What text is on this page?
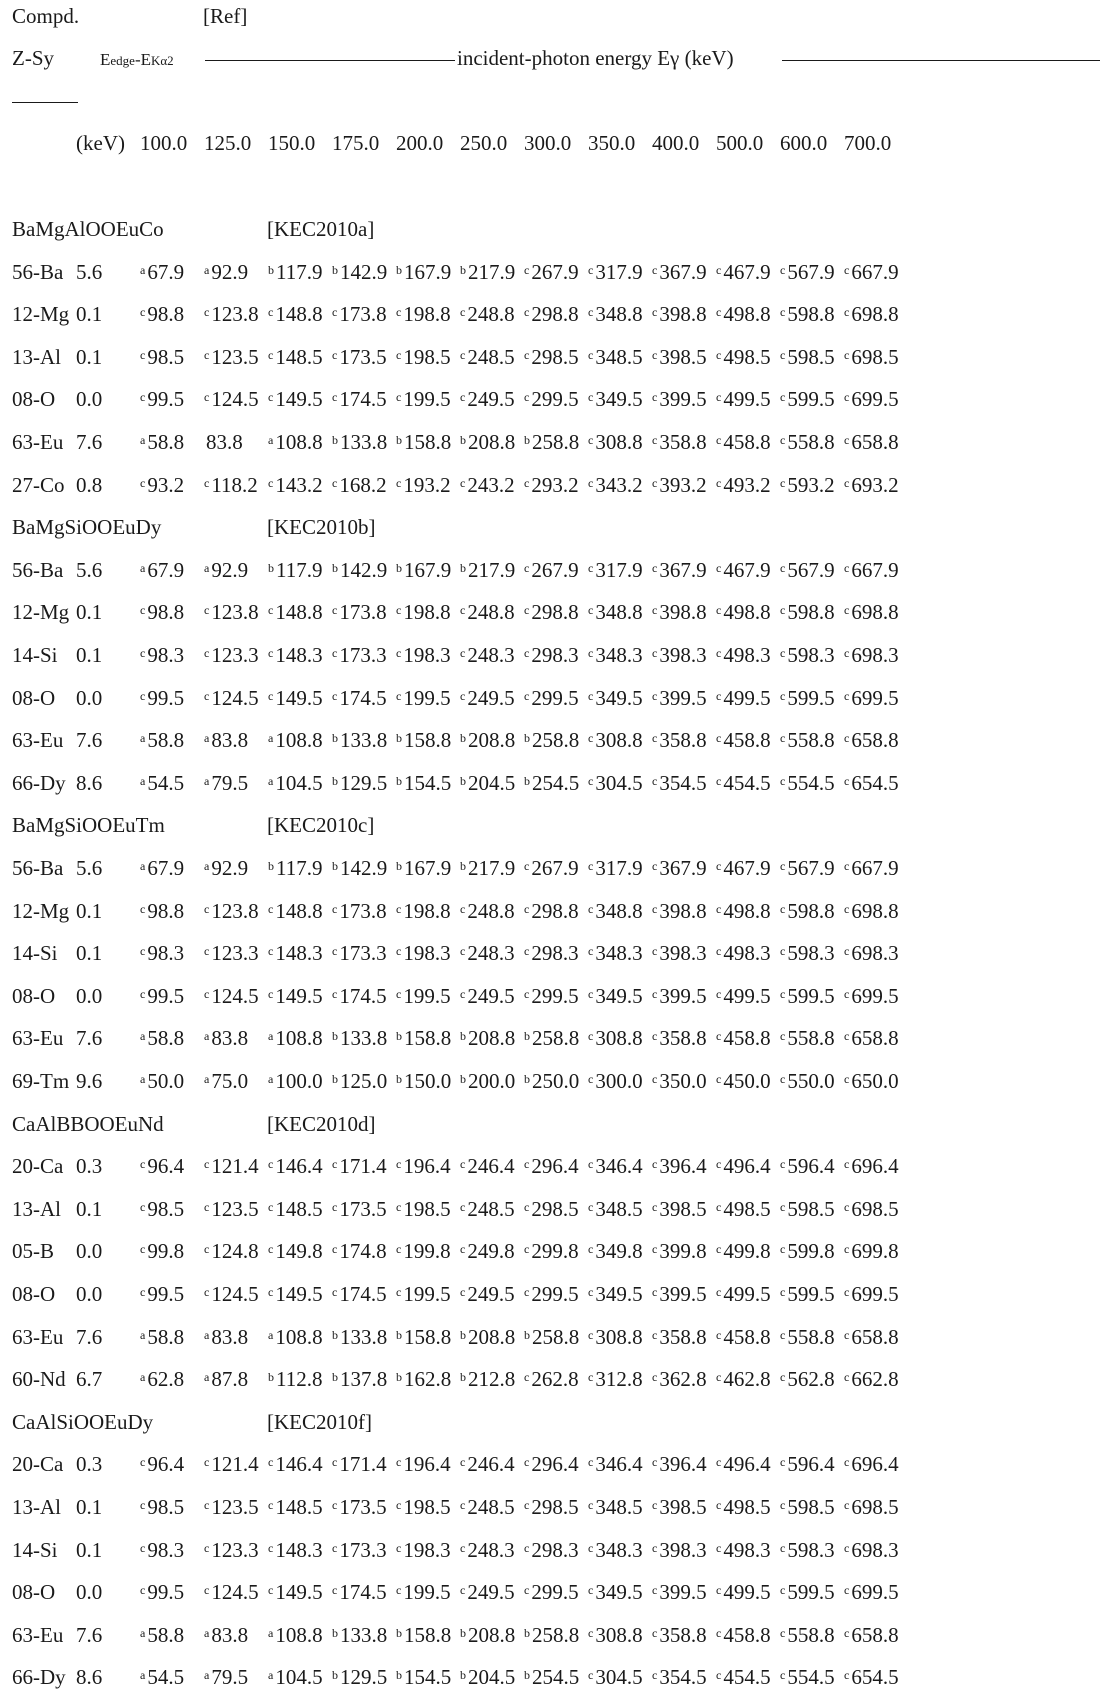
Compd.	[Ref]
Z-Sy	Eedge-EKα2	incident-photon energy Eγ (keV)
(keV) 100.0 125.0 150.0 175.0 200.0 250.0 300.0 350.0 400.0 500.0 600.0 700.0
BaMgAlOOEuCo	[KEC2010a]
56-Ba 5.6	$^a$67.9 $^a$92.9 $^b$117.9 $^b$142.9 $^b$167.9 $^b$217.9 $^c$267.9 $^c$317.9 $^c$367.9 $^c$467.9 $^c$567.9 $^c$667.9
12-Mg 0.1	$^c$98.8 $^c$123.8 $^c$148.8 $^c$173.8 $^c$198.8 $^c$248.8 $^c$298.8 $^c$348.8 $^c$398.8 $^c$498.8 $^c$598.8 $^c$698.8
13-Al 0.1	$^c$98.5 $^c$123.5 $^c$148.5 $^c$173.5 $^c$198.5 $^c$248.5 $^c$298.5 $^c$348.5 $^c$398.5 $^c$498.5 $^c$598.5 $^c$698.5
08-O 0.0	$^c$99.5 $^c$124.5 $^c$149.5 $^c$174.5 $^c$199.5 $^c$249.5 $^c$299.5 $^c$349.5 $^c$399.5 $^c$499.5 $^c$599.5 $^c$699.5
63-Eu 7.6	$^a$58.8 83.8 $^a$108.8 $^b$133.8 $^b$158.8 $^b$208.8 $^b$258.8 $^c$308.8 $^c$358.8 $^c$458.8 $^c$558.8 $^c$658.8
27-Co 0.8	$^c$93.2 $^c$118.2 $^c$143.2 $^c$168.2 $^c$193.2 $^c$243.2 $^c$293.2 $^c$343.2 $^c$393.2 $^c$493.2 $^c$593.2 $^c$693.2
BaMgSiOOEuDy	[KEC2010b]
56-Ba 5.6	$^a$67.9 $^a$92.9 $^b$117.9 $^b$142.9 $^b$167.9 $^b$217.9 $^c$267.9 $^c$317.9 $^c$367.9 $^c$467.9 $^c$567.9 $^c$667.9
12-Mg 0.1	$^c$98.8 $^c$123.8 $^c$148.8 $^c$173.8 $^c$198.8 $^c$248.8 $^c$298.8 $^c$348.8 $^c$398.8 $^c$498.8 $^c$598.8 $^c$698.8
14-Si 0.1	$^c$98.3 $^c$123.3 $^c$148.3 $^c$173.3 $^c$198.3 $^c$248.3 $^c$298.3 $^c$348.3 $^c$398.3 $^c$498.3 $^c$598.3 $^c$698.3
08-O 0.0	$^c$99.5 $^c$124.5 $^c$149.5 $^c$174.5 $^c$199.5 $^c$249.5 $^c$299.5 $^c$349.5 $^c$399.5 $^c$499.5 $^c$599.5 $^c$699.5
63-Eu 7.6	$^a$58.8 $^a$83.8 $^a$108.8 $^b$133.8 $^b$158.8 $^b$208.8 $^b$258.8 $^c$308.8 $^c$358.8 $^c$458.8 $^c$558.8 $^c$658.8
66-Dy 8.6	$^a$54.5 $^a$79.5 $^a$104.5 $^b$129.5 $^b$154.5 $^b$204.5 $^b$254.5 $^c$304.5 $^c$354.5 $^c$454.5 $^c$554.5 $^c$654.5
BaMgSiOOEuTm	[KEC2010c]
56-Ba 5.6	$^a$67.9 $^a$92.9 $^b$117.9 $^b$142.9 $^b$167.9 $^b$217.9 $^c$267.9 $^c$317.9 $^c$367.9 $^c$467.9 $^c$567.9 $^c$667.9
12-Mg 0.1	$^c$98.8 $^c$123.8 $^c$148.8 $^c$173.8 $^c$198.8 $^c$248.8 $^c$298.8 $^c$348.8 $^c$398.8 $^c$498.8 $^c$598.8 $^c$698.8
14-Si 0.1	$^c$98.3 $^c$123.3 $^c$148.3 $^c$173.3 $^c$198.3 $^c$248.3 $^c$298.3 $^c$348.3 $^c$398.3 $^c$498.3 $^c$598.3 $^c$698.3
08-O 0.0	$^c$99.5 $^c$124.5 $^c$149.5 $^c$174.5 $^c$199.5 $^c$249.5 $^c$299.5 $^c$349.5 $^c$399.5 $^c$499.5 $^c$599.5 $^c$699.5
63-Eu 7.6	$^a$58.8 $^a$83.8 $^a$108.8 $^b$133.8 $^b$158.8 $^b$208.8 $^b$258.8 $^c$308.8 $^c$358.8 $^c$458.8 $^c$558.8 $^c$658.8
69-Tm 9.6	$^a$50.0 $^a$75.0 $^a$100.0 $^b$125.0 $^b$150.0 $^b$200.0 $^b$250.0 $^c$300.0 $^c$350.0 $^c$450.0 $^c$550.0 $^c$650.0
CaAlBBOOEuNd	[KEC2010d]
20-Ca 0.3	$^c$96.4 $^c$121.4 $^c$146.4 $^c$171.4 $^c$196.4 $^c$246.4 $^c$296.4 $^c$346.4 $^c$396.4 $^c$496.4 $^c$596.4 $^c$696.4
13-Al 0.1	$^c$98.5 $^c$123.5 $^c$148.5 $^c$173.5 $^c$198.5 $^c$248.5 $^c$298.5 $^c$348.5 $^c$398.5 $^c$498.5 $^c$598.5 $^c$698.5
05-B 0.0	$^c$99.8 $^c$124.8 $^c$149.8 $^c$174.8 $^c$199.8 $^c$249.8 $^c$299.8 $^c$349.8 $^c$399.8 $^c$499.8 $^c$599.8 $^c$699.8
08-O 0.0	$^c$99.5 $^c$124.5 $^c$149.5 $^c$174.5 $^c$199.5 $^c$249.5 $^c$299.5 $^c$349.5 $^c$399.5 $^c$499.5 $^c$599.5 $^c$699.5
63-Eu 7.6	$^a$58.8 $^a$83.8 $^a$108.8 $^b$133.8 $^b$158.8 $^b$208.8 $^b$258.8 $^c$308.8 $^c$358.8 $^c$458.8 $^c$558.8 $^c$658.8
60-Nd 6.7	$^a$62.8 $^a$87.8 $^b$112.8 $^b$137.8 $^b$162.8 $^b$212.8 $^c$262.8 $^c$312.8 $^c$362.8 $^c$462.8 $^c$562.8 $^c$662.8
CaAlSiOOEuDy	[KEC2010f]
20-Ca 0.3	$^c$96.4 $^c$121.4 $^c$146.4 $^c$171.4 $^c$196.4 $^c$246.4 $^c$296.4 $^c$346.4 $^c$396.4 $^c$496.4 $^c$596.4 $^c$696.4
13-Al 0.1	$^c$98.5 $^c$123.5 $^c$148.5 $^c$173.5 $^c$198.5 $^c$248.5 $^c$298.5 $^c$348.5 $^c$398.5 $^c$498.5 $^c$598.5 $^c$698.5
14-Si 0.1	$^c$98.3 $^c$123.3 $^c$148.3 $^c$173.3 $^c$198.3 $^c$248.3 $^c$298.3 $^c$348.3 $^c$398.3 $^c$498.3 $^c$598.3 $^c$698.3
08-O 0.0	$^c$99.5 $^c$124.5 $^c$149.5 $^c$174.5 $^c$199.5 $^c$249.5 $^c$299.5 $^c$349.5 $^c$399.5 $^c$499.5 $^c$599.5 $^c$699.5
63-Eu 7.6	$^a$58.8 $^a$83.8 $^a$108.8 $^b$133.8 $^b$158.8 $^b$208.8 $^b$258.8 $^c$308.8 $^c$358.8 $^c$458.8 $^c$558.8 $^c$658.8
66-Dy 8.6	$^a$54.5 $^a$79.5 $^a$104.5 $^b$129.5 $^b$154.5 $^b$204.5 $^b$254.5 $^c$304.5 $^c$354.5 $^c$454.5 $^c$554.5 $^c$654.5
